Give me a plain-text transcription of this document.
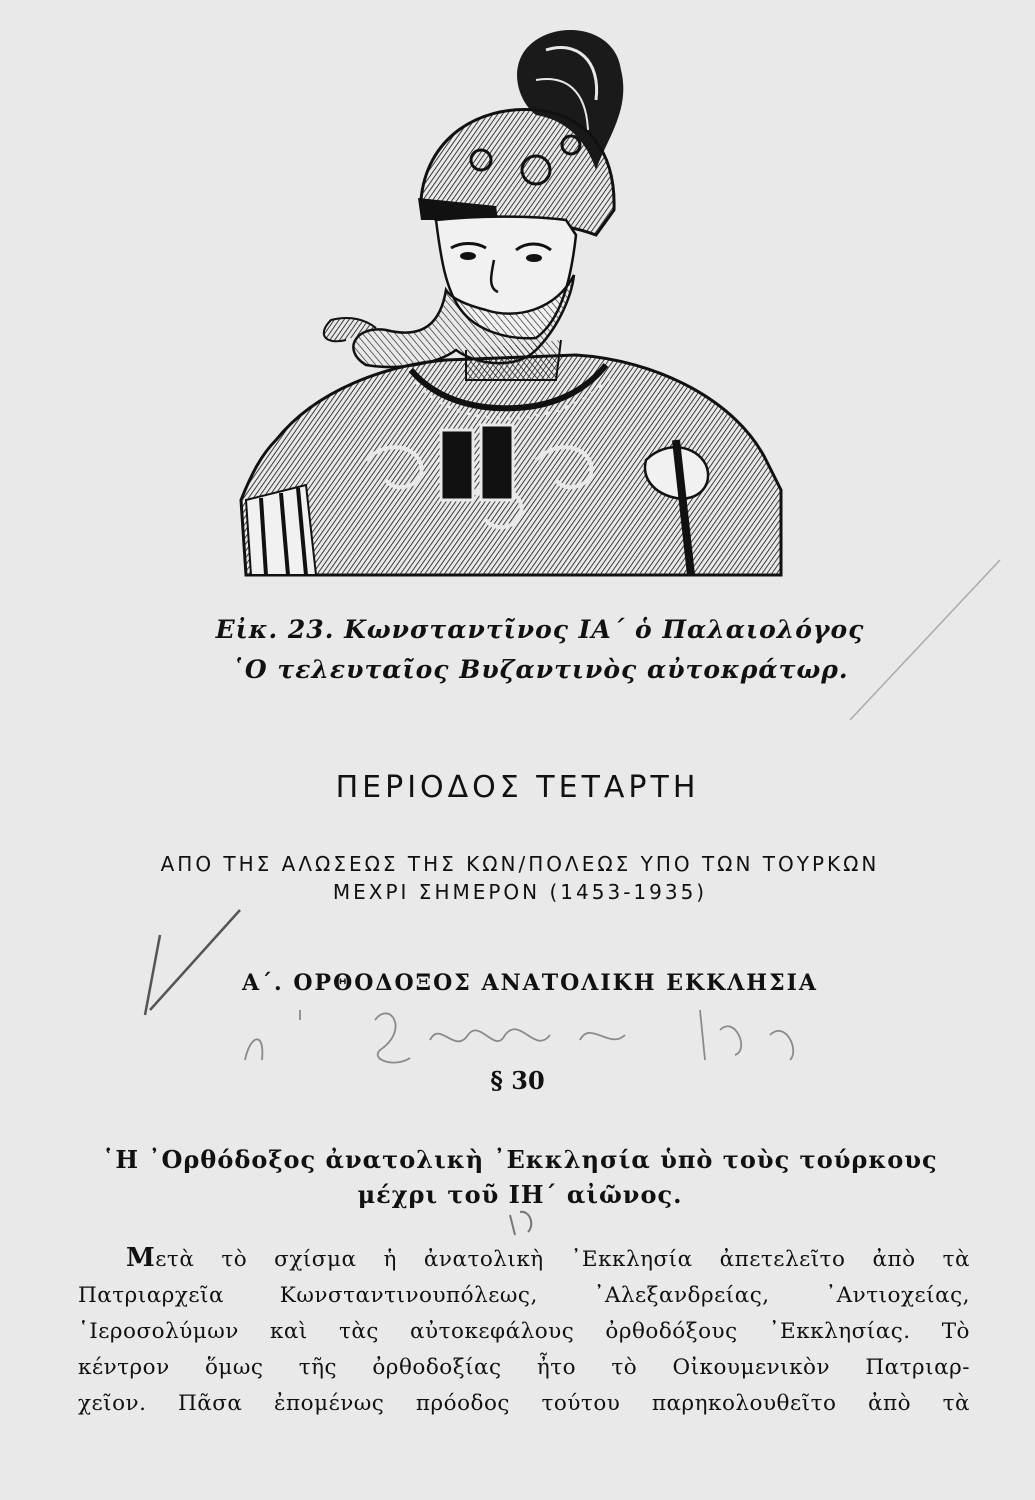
Εἰκ. 23. Κωνσταντῖνος ΙΑ΄ ὁ Παλαιολόγος
῾Ο τελευταῖος Βυζαντινὸς αὐτοκράτωρ.
ΠΕΡΙΟΔΟΣ ΤΕΤΑΡΤΗ
ΑΠΟ ΤΗΣ ΑΛΩΣΕΩΣ ΤΗΣ ΚΩΝ/ΠΟΛΕΩΣ ΥΠΟ ΤΩΝ ΤΟΥΡΚΩΝ
ΜΕΧΡΙ ΣΗΜΕΡΟΝ (1453-1935)
Α΄. ΟΡΘΟΔΟΞΟΣ ΑΝΑΤΟΛΙΚΗ ΕΚΚΛΗΣΙΑ
§ 30
῾Η ᾿Ορθόδοξος ἀνατολικὴ ᾿Εκκλησία ὑπὸ τοὺς τούρκους
μέχρι τοῦ ΙΗ΄ αἰῶνος.
Μετὰ τὸ σχίσμα ἡ ἀνατολικὴ ᾿Εκκλησία ἀπετελεῖτο ἀπὸ τὰ
Πατριαρχεῖα Κωνσταντινουπόλεως, ᾿Αλεξανδρείας, ᾿Αντιοχείας,
῾Ιεροσολύμων καὶ τὰς αὐτοκεφάλους ὀρθοδόξους ᾿Εκκλησίας. Τὸ
κέντρον ὅμως τῆς ὀρθοδοξίας ἦτο τὸ Οἰκουμενικὸν Πατριαρ-
χεῖον. Πᾶσα ἐπομένως πρόοδος τούτου παρηκολουθεῖτο ἀπὸ τὰ
